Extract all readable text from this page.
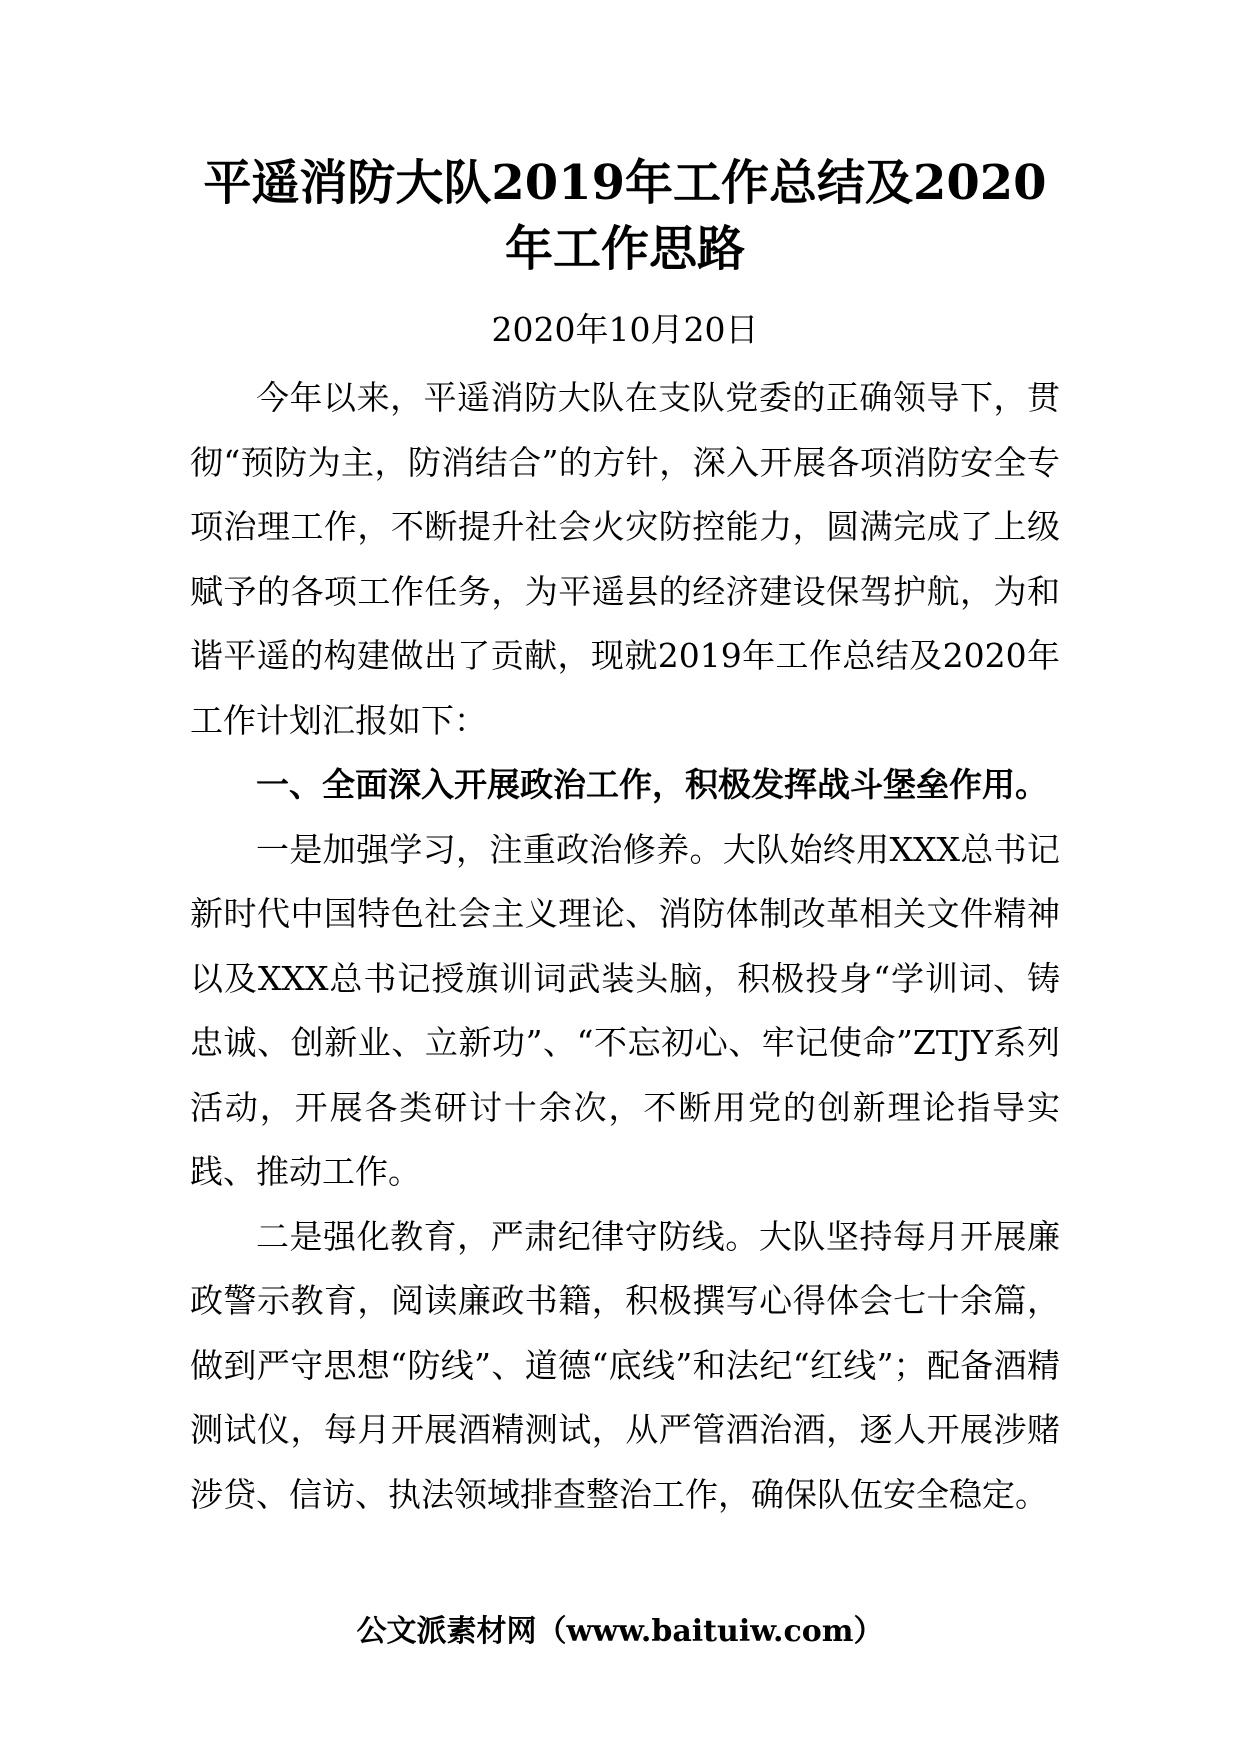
平遥消防大队2019年工作总结及2020年工作思路
2020年10月20日

今年以来，平遥消防大队在支队党委的正确领导下，贯彻“预防为主，防消结合”的方针，深入开展各项消防安全专项治理工作，不断提升社会火灾防控能力，圆满完成了上级赋予的各项工作任务，为平遥县的经济建设保驾护航，为和谐平遥的构建做出了贡献，现就2019年工作总结及2020年工作计划汇报如下：

一、全面深入开展政治工作，积极发挥战斗堡垒作用。

一是加强学习，注重政治修养。大队始终用XXX总书记新时代中国特色社会主义理论、消防体制改革相关文件精神以及XXX总书记授旗训词武装头脑，积极投身“学训词、铸忠诚、创新业、立新功”、“不忘初心、牢记使命”ZTJY系列活动，开展各类研讨十余次，不断用党的创新理论指导实践、推动工作。

二是强化教育，严肃纪律守防线。大队坚持每月开展廉政警示教育，阅读廉政书籍，积极撰写心得体会七十余篇，做到严守思想“防线”、道德“底线”和法纪“红线”；配备酒精测试仪，每月开展酒精测试，从严管酒治酒，逐人开展涉赌涉贷、信访、执法领域排查整治工作，确保队伍安全稳定。

公文派素材网（www.baituiw.com）
